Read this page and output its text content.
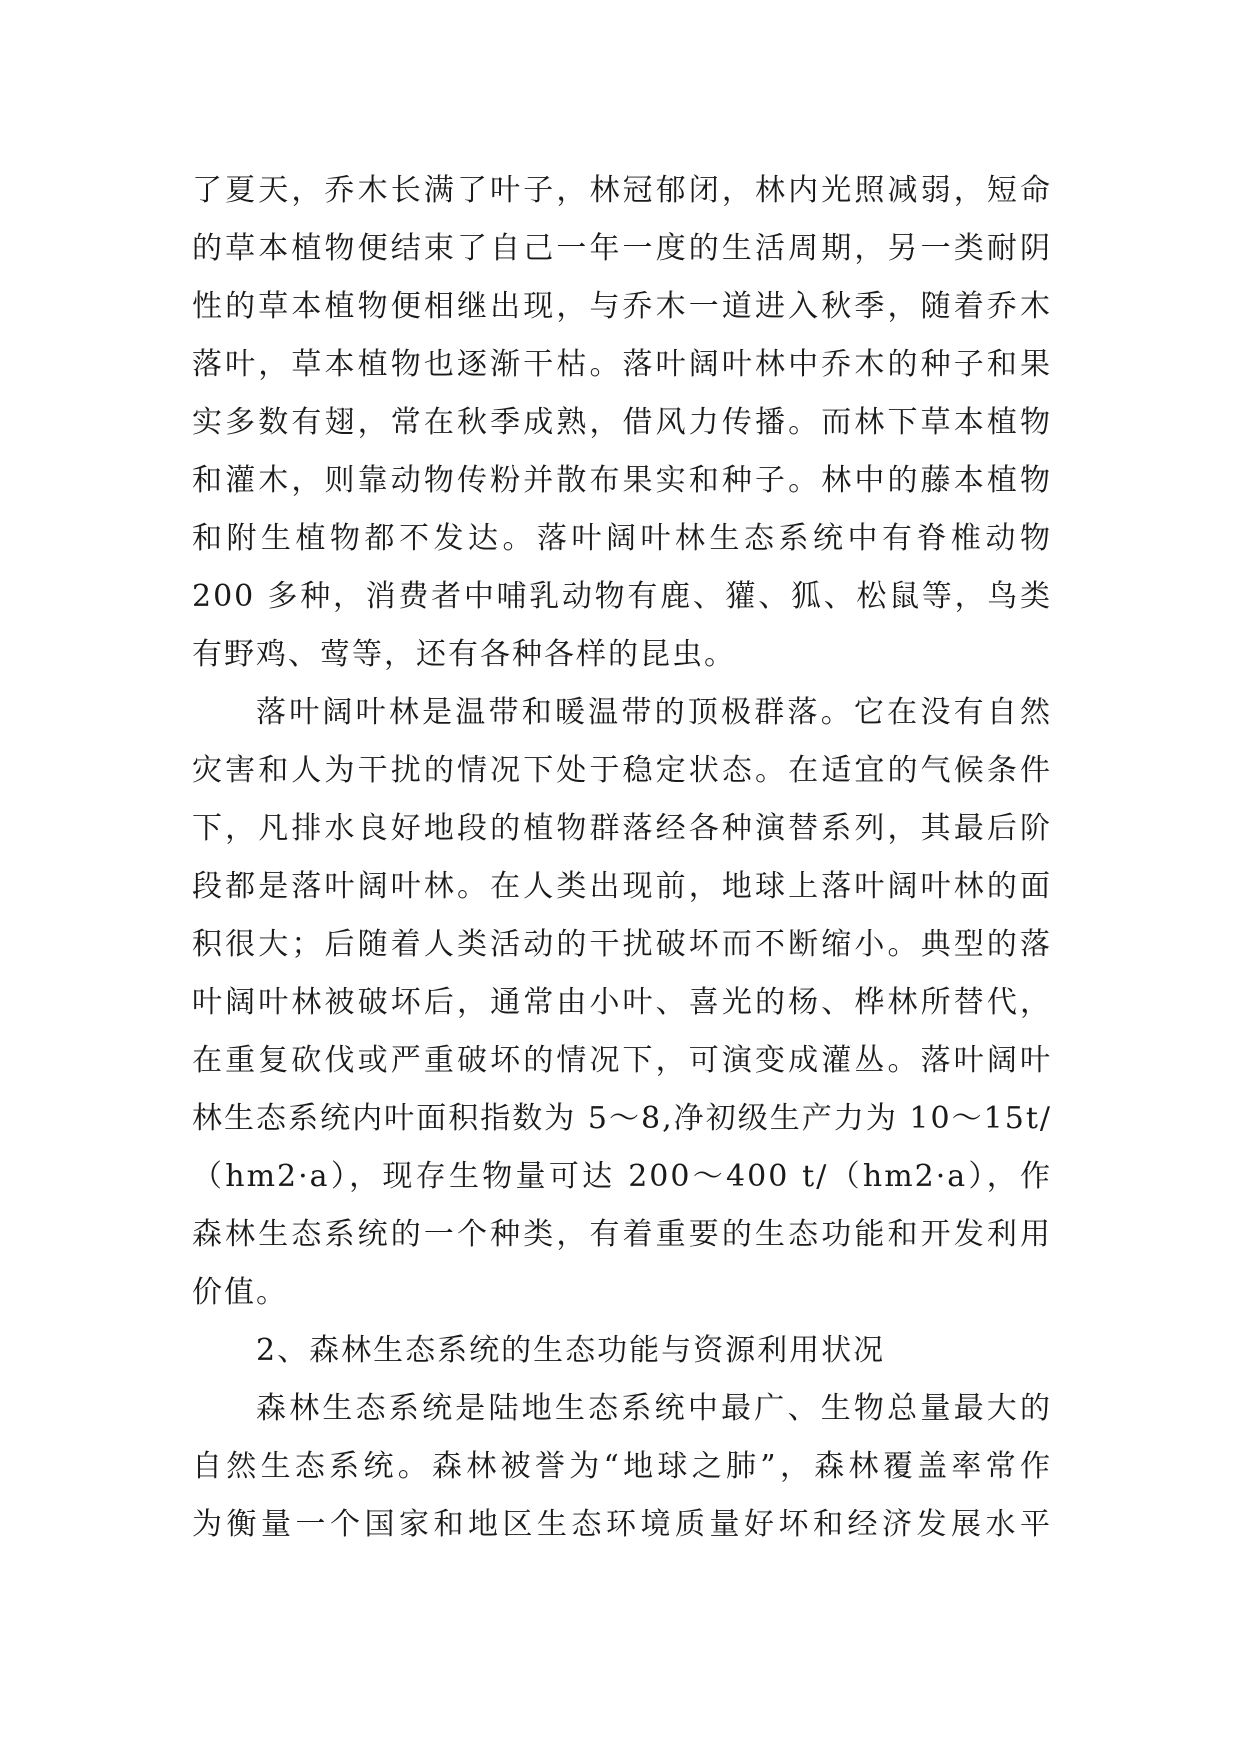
了夏天，乔木长满了叶子，林冠郁闭，林内光照减弱，短命
的草本植物便结束了自己一年一度的生活周期，另一类耐阴
性的草本植物便相继出现，与乔木一道进入秋季，随着乔木
落叶，草本植物也逐渐干枯。落叶阔叶林中乔木的种子和果
实多数有翅，常在秋季成熟，借风力传播。而林下草本植物
和灌木，则靠动物传粉并散布果实和种子。林中的藤本植物
和附生植物都不发达。落叶阔叶林生态系统中有脊椎动物
200 多种，消费者中哺乳动物有鹿、獾、狐、松鼠等，鸟类
有野鸡、莺等，还有各种各样的昆虫。
落叶阔叶林是温带和暖温带的顶极群落。它在没有自然
灾害和人为干扰的情况下处于稳定状态。在适宜的气候条件
下，凡排水良好地段的植物群落经各种演替系列，其最后阶
段都是落叶阔叶林。在人类出现前，地球上落叶阔叶林的面
积很大；后随着人类活动的干扰破坏而不断缩小。典型的落
叶阔叶林被破坏后，通常由小叶、喜光的杨、桦林所替代，
在重复砍伐或严重破坏的情况下，可演变成灌丛。落叶阔叶
林生态系统内叶面积指数为 5～8,净初级生产力为 10～15t/
（hm2·a），现存生物量可达 200～400 t/（hm2·a），作
森林生态系统的一个种类，有着重要的生态功能和开发利用
价值。
2、森林生态系统的生态功能与资源利用状况
森林生态系统是陆地生态系统中最广、生物总量最大的
自然生态系统。森林被誉为“地球之肺”，森林覆盖率常作
为衡量一个国家和地区生态环境质量好坏和经济发展水平
